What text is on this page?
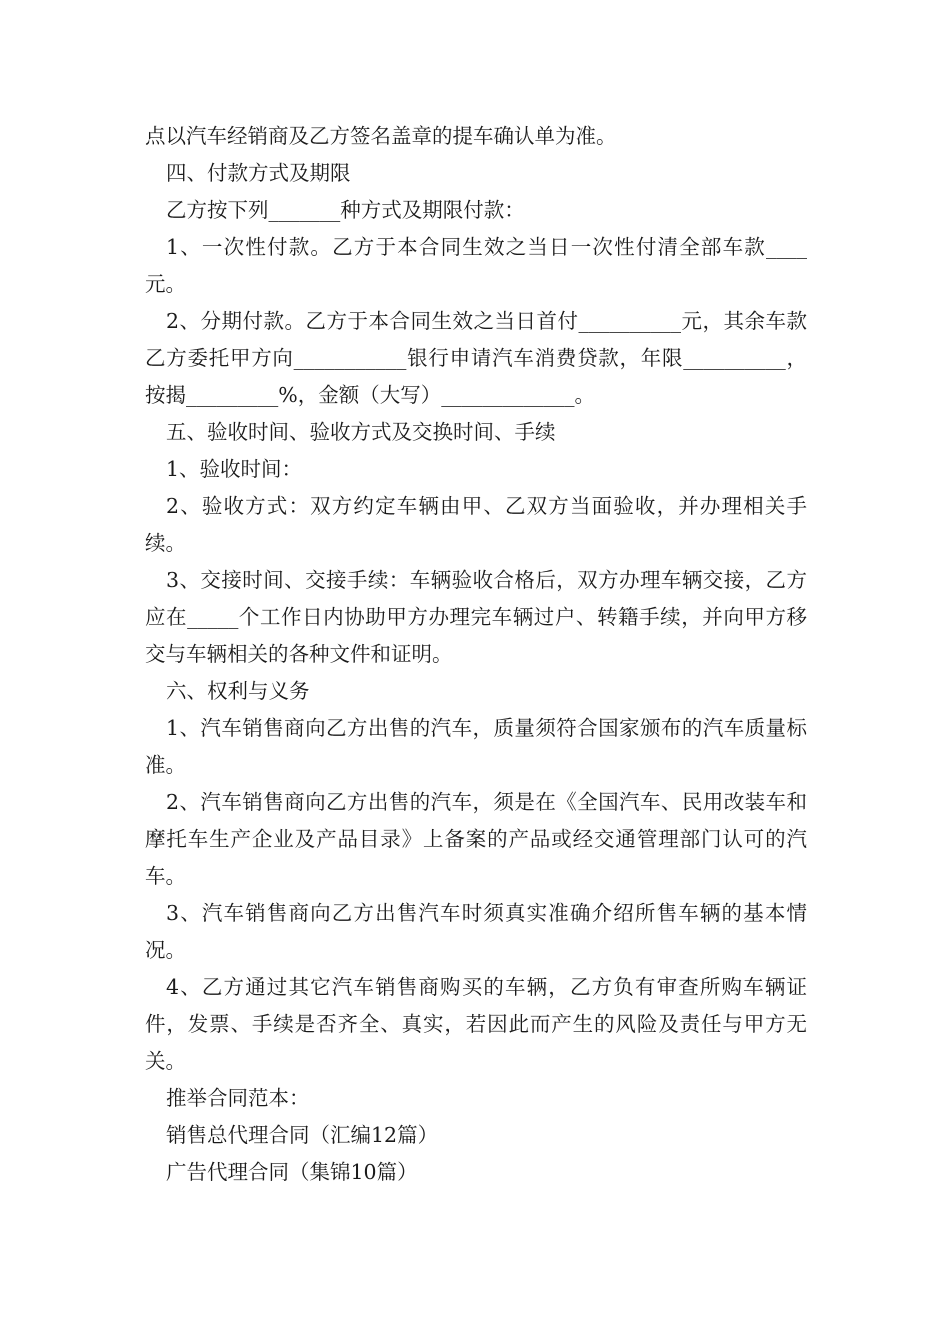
点以汽车经销商及乙方签名盖章的提车确认单为准。

四、付款方式及期限

乙方按下列_______种方式及期限付款：

1、一次性付款。乙方于本合同生效之当日一次性付清全部车款____元。

2、分期付款。乙方于本合同生效之当日首付__________元，其余车款乙方委托甲方向___________银行申请汽车消费贷款，年限__________，按揭_________%，金额（大写）_____________。

五、验收时间、验收方式及交换时间、手续

1、验收时间：

2、验收方式：双方约定车辆由甲、乙双方当面验收，并办理相关手续。

3、交接时间、交接手续：车辆验收合格后，双方办理车辆交接，乙方应在_____个工作日内协助甲方办理完车辆过户、转籍手续，并向甲方移交与车辆相关的各种文件和证明。

六、权利与义务

1、汽车销售商向乙方出售的汽车，质量须符合国家颁布的汽车质量标准。

2、汽车销售商向乙方出售的汽车，须是在《全国汽车、民用改装车和摩托车生产企业及产品目录》上备案的产品或经交通管理部门认可的汽车。

3、汽车销售商向乙方出售汽车时须真实准确介绍所售车辆的基本情况。

4、乙方通过其它汽车销售商购买的车辆，乙方负有审查所购车辆证件，发票、手续是否齐全、真实，若因此而产生的风险及责任与甲方无关。

推举合同范本：

销售总代理合同（汇编12篇）

广告代理合同（集锦10篇）
